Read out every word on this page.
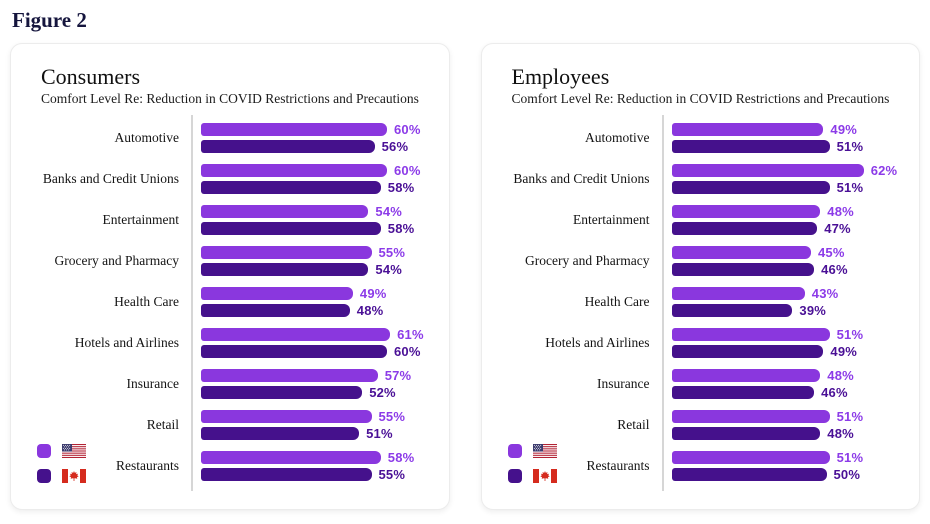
Figure 2
Consumers

Comfort Level Re: Reduction in COVID Restrictions and Precautions

Automotive
60%
56%
Banks and Credit Unions
60%
58%
Entertainment
54%
58%
Grocery and Pharmacy
55%
54%
Health Care
49%
48%
Hotels and Airlines
61%
60%
Insurance
57%
52%
Retail
55%
51%
Restaurants
58%
55%
Employees

Comfort Level Re: Reduction in COVID Restrictions and Precautions

Automotive
49%
51%
Banks and Credit Unions
62%
51%
Entertainment
48%
47%
Grocery and Pharmacy
45%
46%
Health Care
43%
39%
Hotels and Airlines
51%
49%
Insurance
48%
46%
Retail
51%
48%
Restaurants
51%
50%
